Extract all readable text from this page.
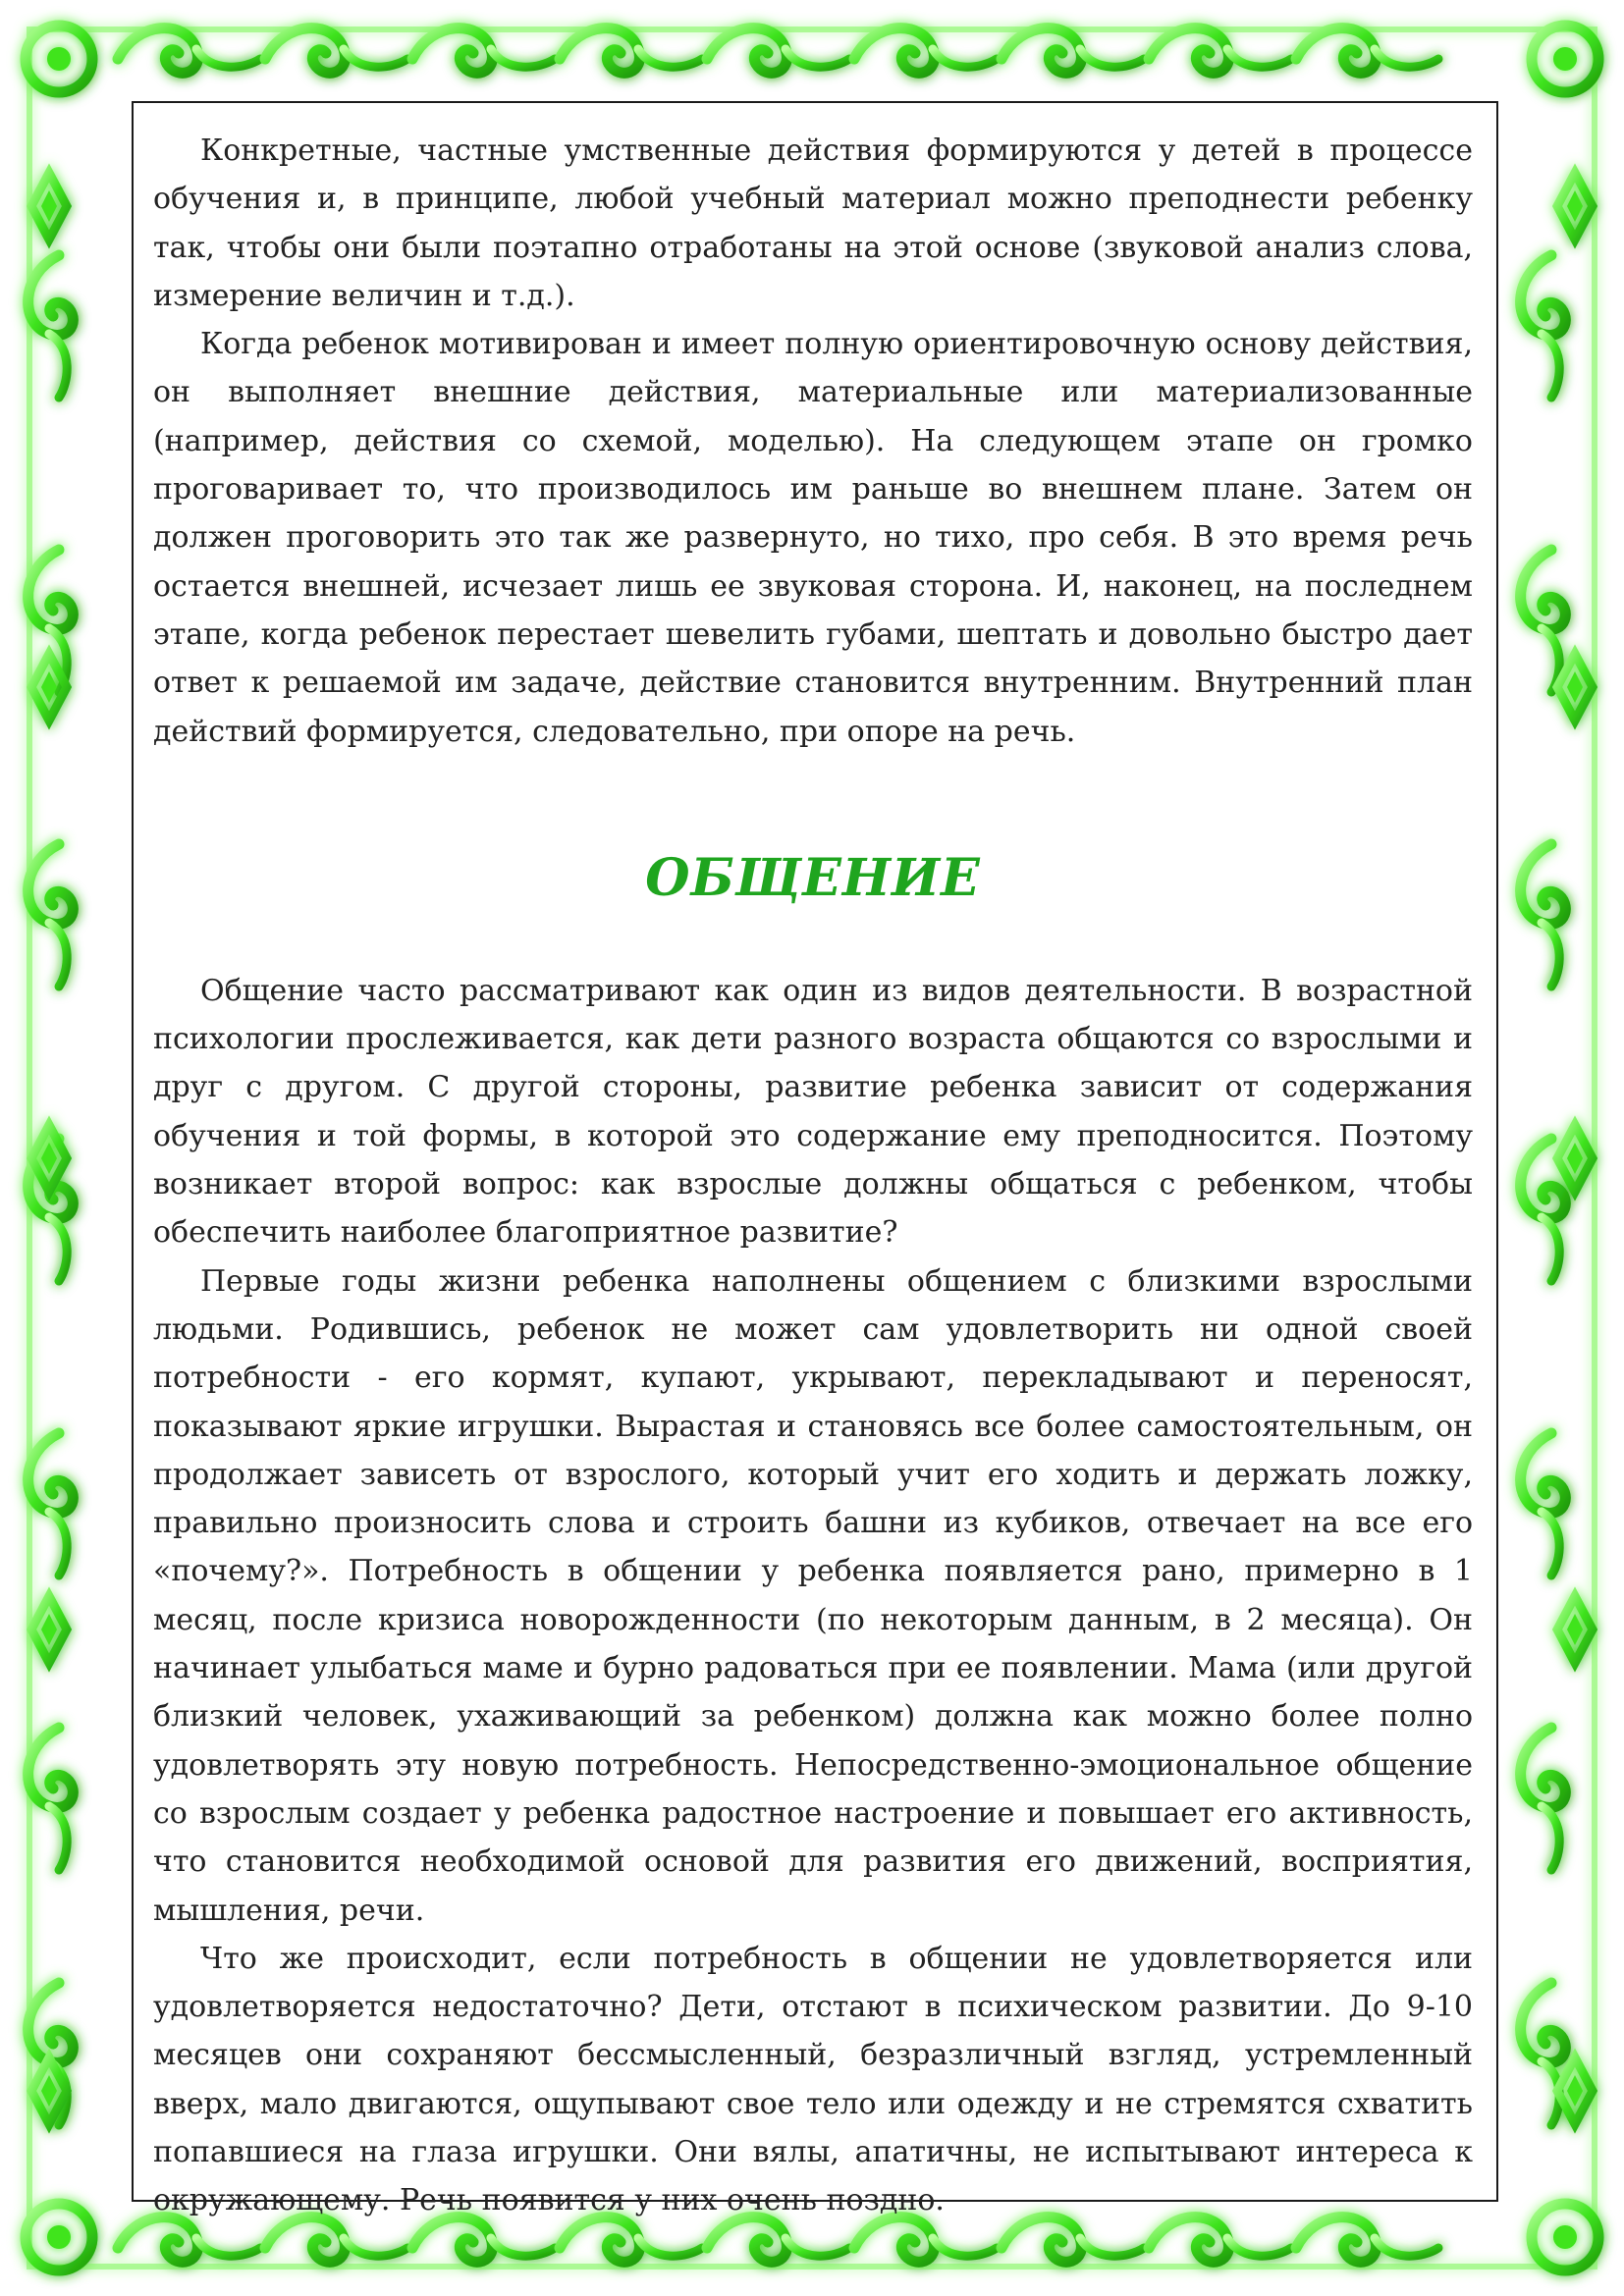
Конкретные, частные умственные действия формируются у детей в процессе обучения и, в принципе, любой учебный материал можно преподнести ребенку так, чтобы они были поэтапно отработаны на этой основе (звуковой анализ слова, измерение величин и т.д.).

Когда ребенок мотивирован и имеет полную ориентировочную основу действия, он выполняет внешние действия, материальные или материализованные (например, действия со схемой, моделью). На следующем этапе он громко проговаривает то, что производилось им раньше во внешнем плане. Затем он должен проговорить это так же развернуто, но тихо, про себя. В это время речь остается внешней, исчезает лишь ее звуковая сторона. И, наконец, на последнем этапе, когда ребенок перестает шевелить губами, шептать и довольно быстро дает ответ к решаемой им задаче, действие становится внутренним. Внутренний план действий формируется, следовательно, при опоре на речь.

ОБЩЕНИЕ

Общение часто рассматривают как один из видов деятельности. В возрастной психологии прослеживается, как дети разного возраста общаются со взрослыми и друг с другом. С другой стороны, развитие ребенка зависит от содержания обучения и той формы, в которой это содержание ему преподносится. Поэтому возникает второй вопрос: как взрослые должны общаться с ребенком, чтобы обеспечить наиболее благоприятное развитие?

Первые годы жизни ребенка наполнены общением с близкими взрослыми людьми. Родившись, ребенок не может сам удовлетворить ни одной своей потребности - его кормят, купают, укрывают, перекладывают и переносят, показывают яркие игрушки. Вырастая и становясь все более самостоятельным, он продолжает зависеть от взрослого, который учит его ходить и держать ложку, правильно произносить слова и строить башни из кубиков, отвечает на все его «почему?». Потребность в общении у ребенка появляется рано, примерно в 1 месяц, после кризиса новорожденности (по некоторым данным, в 2 месяца). Он начинает улыбаться маме и бурно радоваться при ее появлении. Мама (или другой близкий человек, ухаживающий за ребенком) должна как можно более полно удовлетворять эту новую потребность. Непосредственно-эмоциональное общение со взрослым создает у ребенка радостное настроение и повышает его активность, что становится необходимой основой для развития его движений, восприятия, мышления, речи.

Что же происходит, если потребность в общении не удовлетворяется или удовлетворяется недостаточно? Дети, отстают в психическом развитии. До 9-10 месяцев они сохраняют бессмысленный, безразличный взгляд, устремленный вверх, мало двигаются, ощупывают свое тело или одежду и не стремятся схватить попавшиеся на глаза игрушки. Они вялы, апатичны, не испытывают интереса к окружающему. Речь появится у них очень поздно.
